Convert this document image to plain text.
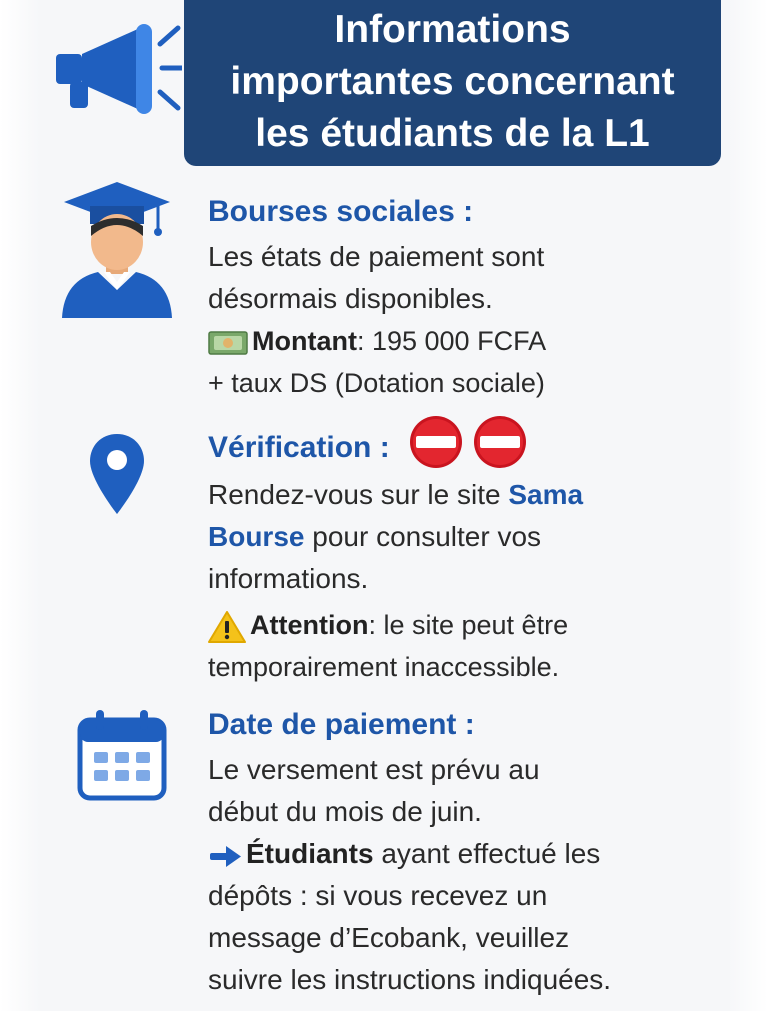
Informations
importantes concernant
les étudiants de la L1

Bourses sociales :

Les états de paiement sont

désormais disponibles.

Montant: 195 000 FCFA

+ taux DS (Dotation sociale)

Vérification :

Rendez-vous sur le site Sama

Bourse pour consulter vos

informations.

Attention: le site peut être

temporairement inaccessible.

Date de paiement :

Le versement est prévu au

début du mois de juin.

Étudiants ayant effectué les

dépôts : si vous recevez un

message d’Ecobank, veuillez

suivre les instructions indiquées.
